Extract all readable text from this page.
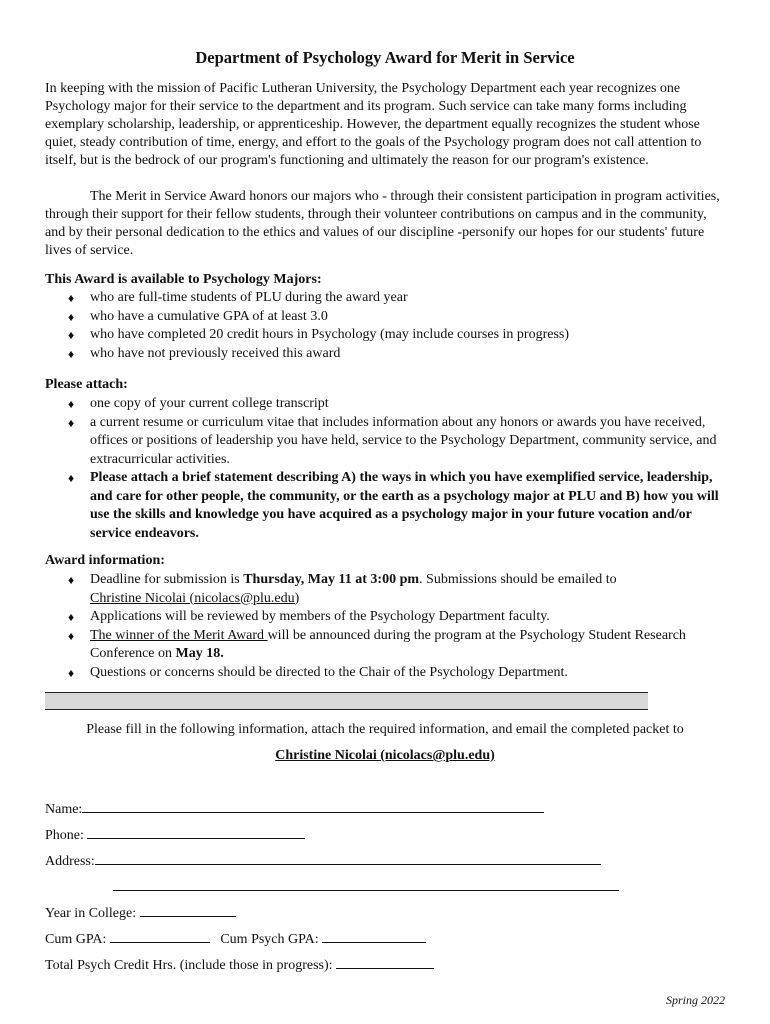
Department of Psychology Award for Merit in Service

In keeping with the mission of Pacific Lutheran University, the Psychology Department each year recognizes one Psychology major for their service to the department and its program. Such service can take many forms including exemplary scholarship, leadership, or apprenticeship. However, the department equally recognizes the student whose quiet, steady contribution of time, energy, and effort to the goals of the Psychology program does not call attention to itself, but is the bedrock of our program's functioning and ultimately the reason for our program's existence.

The Merit in Service Award honors our majors who - through their consistent participation in program activities, through their support for their fellow students, through their volunteer contributions on campus and in the community, and by their personal dedication to the ethics and values of our discipline -personify our hopes for our students' future lives of service.

This Award is available to Psychology Majors:
♦ who are full-time students of PLU during the award year
♦ who have a cumulative GPA of at least 3.0
♦ who have completed 20 credit hours in Psychology (may include courses in progress)
♦ who have not previously received this award
Please attach:
♦ one copy of your current college transcript
♦ a current resume or curriculum vitae that includes information about any honors or awards you have received, offices or positions of leadership you have held, service to the Psychology Department, community service, and extracurricular activities.
♦ Please attach a brief statement describing A) the ways in which you have exemplified service, leadership, and care for other people, the community, or the earth as a psychology major at PLU and B) how you will use the skills and knowledge you have acquired as a psychology major in your future vocation and/or service endeavors.
Award information:
♦ Deadline for submission is Thursday, May 11 at 3:00 pm. Submissions should be emailed to
Christine Nicolai (nicolacs@plu.edu)
♦ Applications will be reviewed by members of the Psychology Department faculty.
♦ The winner of the Merit Award will be announced during the program at the Psychology Student Research Conference on May 18.
♦ Questions or concerns should be directed to the Chair of the Psychology Department.
Please fill in the following information, attach the required information, and email the completed packet to
Christine Nicolai (nicolacs@plu.edu)
Name:
Phone:
Address:
Year in College:
Cum GPA:	Cum Psych GPA:
Total Psych Credit Hrs. (include those in progress):
Spring 2022
